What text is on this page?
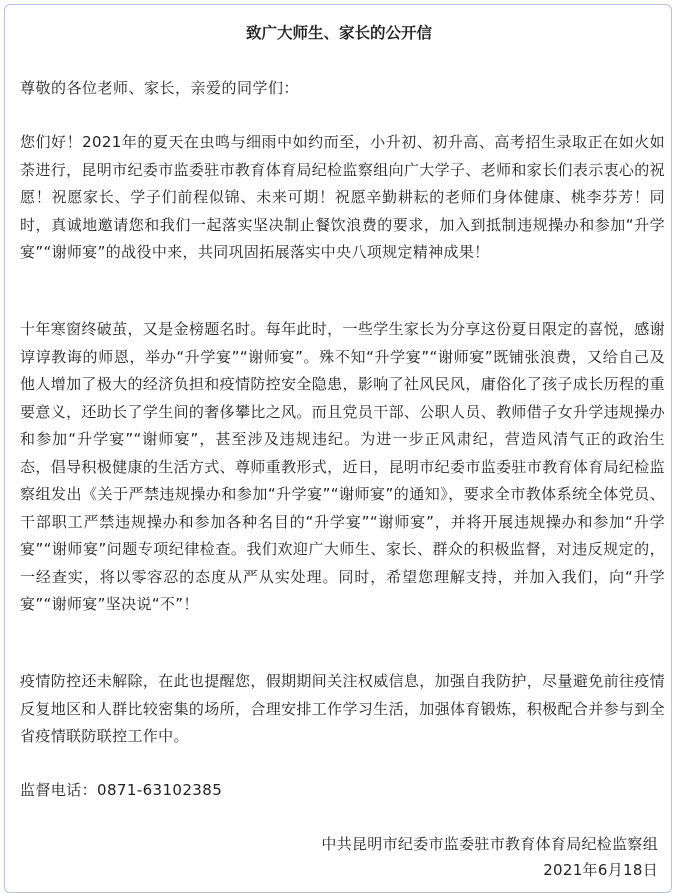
致广大师生、家长的公开信
尊敬的各位老师、家长，亲爱的同学们：

您们好！2021年的夏天在虫鸣与细雨中如约而至，小升初、初升高、高考招生录取正在如火如荼进行，昆明市纪委市监委驻市教育体育局纪检监察组向广大学子、老师和家长们表示衷心的祝愿！祝愿家长、学子们前程似锦、未来可期！祝愿辛勤耕耘的老师们身体健康、桃李芬芳！同时，真诚地邀请您和我们一起落实坚决制止餐饮浪费的要求，加入到抵制违规操办和参加“升学宴”“谢师宴”的战役中来，共同巩固拓展落实中央八项规定精神成果！

十年寒窗终破茧，又是金榜题名时。每年此时，一些学生家长为分享这份夏日限定的喜悦，感谢谆谆教诲的师恩，举办“升学宴”“谢师宴”。殊不知“升学宴”“谢师宴”既铺张浪费，又给自己及他人增加了极大的经济负担和疫情防控安全隐患，影响了社风民风，庸俗化了孩子成长历程的重要意义，还助长了学生间的奢侈攀比之风。而且党员干部、公职人员、教师借子女升学违规操办和参加“升学宴”“谢师宴”，甚至涉及违规违纪。为进一步正风肃纪，营造风清气正的政治生态，倡导积极健康的生活方式、尊师重教形式，近日，昆明市纪委市监委驻市教育体育局纪检监察组发出《关于严禁违规操办和参加“升学宴”“谢师宴”的通知》，要求全市教体系统全体党员、干部职工严禁违规操办和参加各种名目的“升学宴”“谢师宴”，并将开展违规操办和参加“升学宴”“谢师宴”问题专项纪律检查。我们欢迎广大师生、家长、群众的积极监督，对违反规定的，一经查实，将以零容忍的态度从严从实处理。同时，希望您理解支持，并加入我们，向“升学宴”“谢师宴”坚决说“不”！

疫情防控还未解除，在此也提醒您，假期期间关注权威信息，加强自我防护，尽量避免前往疫情反复地区和人群比较密集的场所，合理安排工作学习生活，加强体育锻炼，积极配合并参与到全省疫情联防联控工作中。

监督电话：0871-63102385
中共昆明市纪委市监委驻市教育体育局纪检监察组
2021年6月18日
